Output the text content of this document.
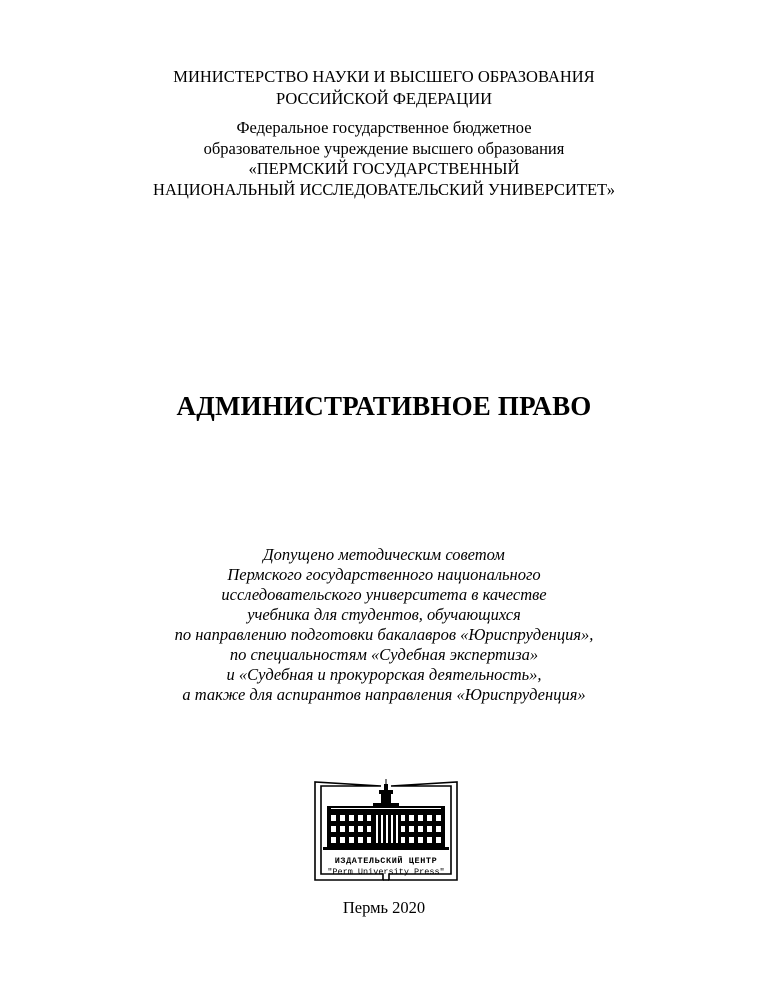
МИНИСТЕРСТВО НАУКИ И ВЫСШЕГО ОБРАЗОВАНИЯ
РОССИЙСКОЙ ФЕДЕРАЦИИ
Федеральное государственное бюджетное
образовательное учреждение высшего образования
«ПЕРМСКИЙ ГОСУДАРСТВЕННЫЙ
НАЦИОНАЛЬНЫЙ ИССЛЕДОВАТЕЛЬСКИЙ УНИВЕРСИТЕТ»
АДМИНИСТРАТИВНОЕ ПРАВО
Допущено методическим советом
Пермского государственного национального
исследовательского университета в качестве
учебника для студентов, обучающихся
по направлению подготовки бакалавров «Юриспруденция»,
по специальностям «Судебная экспертиза»
и «Судебная и прокурорская деятельность»,
а также для аспирантов направления «Юриспруденция»
ИЗДАТЕЛЬСКИЙ ЦЕНТР
"Perm University Press"
Пермь 2020
